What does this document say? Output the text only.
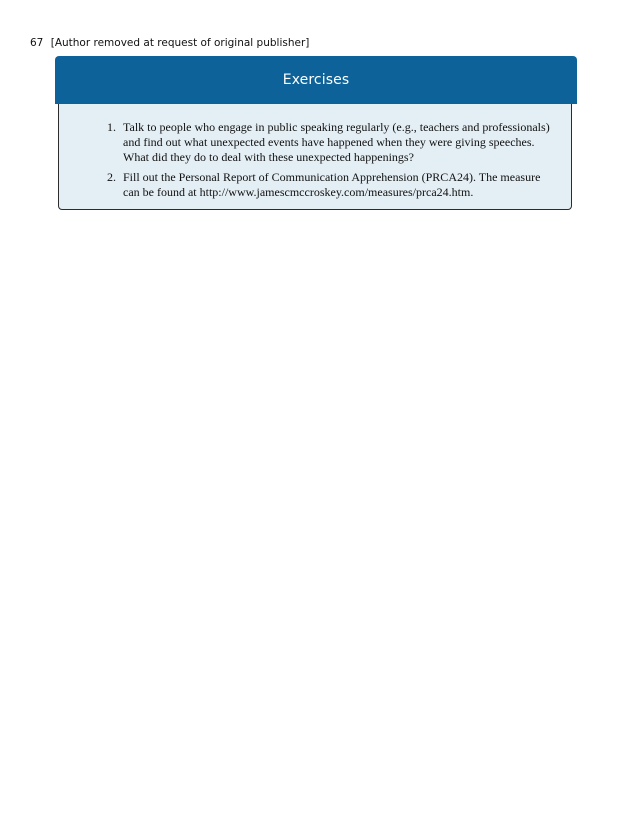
67 [Author removed at request of original publisher]
Exercises
1. Talk to people who engage in public speaking regularly (e.g., teachers and professionals) and find out what unexpected events have happened when they were giving speeches. What did they do to deal with these unexpected happenings?
2. Fill out the Personal Report of Communication Apprehension (PRCA24). The measure can be found at http://www.jamescmccroskey.com/measures/prca24.htm.
